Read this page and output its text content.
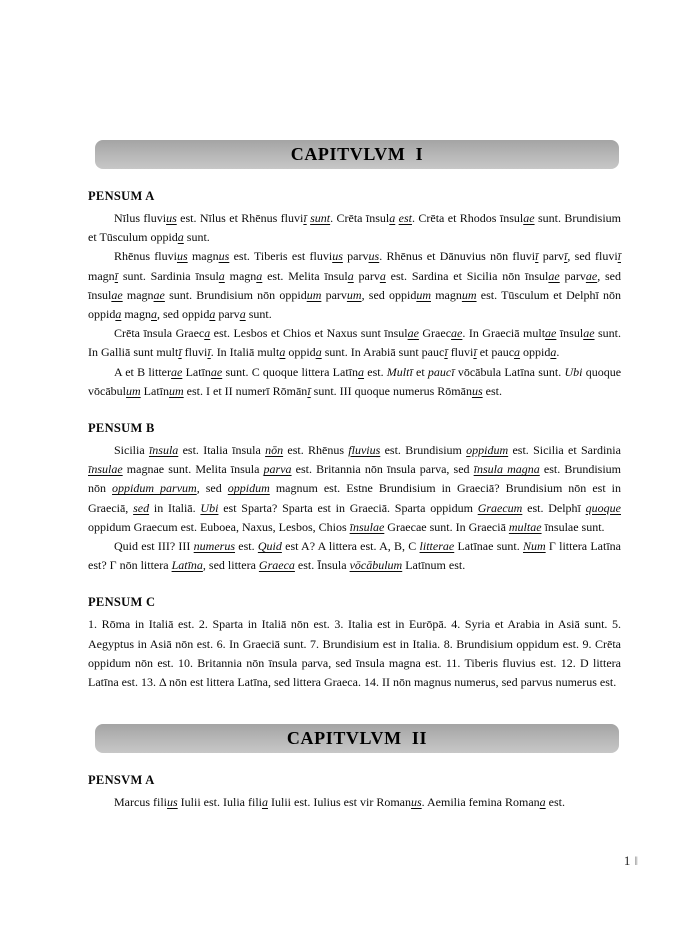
CAPITVLVM  I
PENSUM A

Nīlus fluvius est. Nīlus et Rhēnus fluviī sunt. Crēta īnsula est. Crēta et Rhodos īnsulae sunt. Brundisium et Tūsculum oppida sunt.

Rhēnus fluvius magnus est. Tiberis est fluvius parvus. Rhēnus et Dānuvius nōn fluviī parvī, sed fluviī magnī sunt. Sardinia īnsula magna est. Melita īnsula parva est. Sardina et Sicilia nōn īnsulae parvae, sed īnsulae magnae sunt. Brundisium nōn oppidum parvum, sed oppidum magnum est. Tūsculum et Delphī nōn oppida magna, sed oppida parva sunt.

Crēta īnsula Graeca est. Lesbos et Chios et Naxus sunt īnsulae Graecae. In Graeciā multae īnsulae sunt. In Galliā sunt multī fluviī. In Italiā multa oppida sunt. In Arabiā sunt paucī fluviī et pauca oppida.

A et B litterae Latīnae sunt. C quoque littera Latīna est. Multī et paucī vōcābula Latīna sunt. Ubi quoque vōcābulum Latīnum est. I et II numerī Rōmānī sunt. III quoque numerus Rōmānus est.

PENSUM B

Sicilia īnsula est. Italia īnsula nōn est. Rhēnus fluvius est. Brundisium oppidum est. Sicilia et Sardinia īnsulae magnae sunt. Melita īnsula parva est. Britannia nōn īnsula parva, sed īnsula magna est. Brundisium nōn oppidum parvum, sed oppidum magnum est. Estne Brundisium in Graeciā? Brundisium nōn est in Graeciā, sed in Italiā. Ubi est Sparta? Sparta est in Graeciā. Sparta oppidum Graecum est. Delphī quoque oppidum Graecum est. Euboea, Naxus, Lesbos, Chios īnsulae Graecae sunt. In Graeciā multae īnsulae sunt.

Quid est III? III numerus est. Quid est A? A littera est. A, B, C litterae Latīnae sunt. Num Γ littera Latīna est? Γ nōn littera Latīna, sed littera Graeca est. Īnsula vōcābulum Latīnum est.

PENSUM C

1. Rōma in Italiā est. 2. Sparta in Italiā nōn est. 3. Italia est in Eurōpā. 4. Syria et Arabia in Asiā sunt. 5. Aegyptus in Asiā nōn est. 6. In Graeciā sunt. 7. Brundisium est in Italia. 8. Brundisium oppidum est. 9. Crēta oppidum nōn est. 10. Britannia nōn īnsula parva, sed īnsula magna est. 11. Tiberis fluvius est. 12. D littera Latīna est. 13. Δ nōn est littera Latīna, sed littera Graeca. 14. II nōn magnus numerus, sed parvus numerus est.

CAPITVLVM  II
PENSVM A

Marcus filius Iulii est. Iulia filia Iulii est. Iulius est vir Romanus. Aemilia femina Romana est.

1 ‖
